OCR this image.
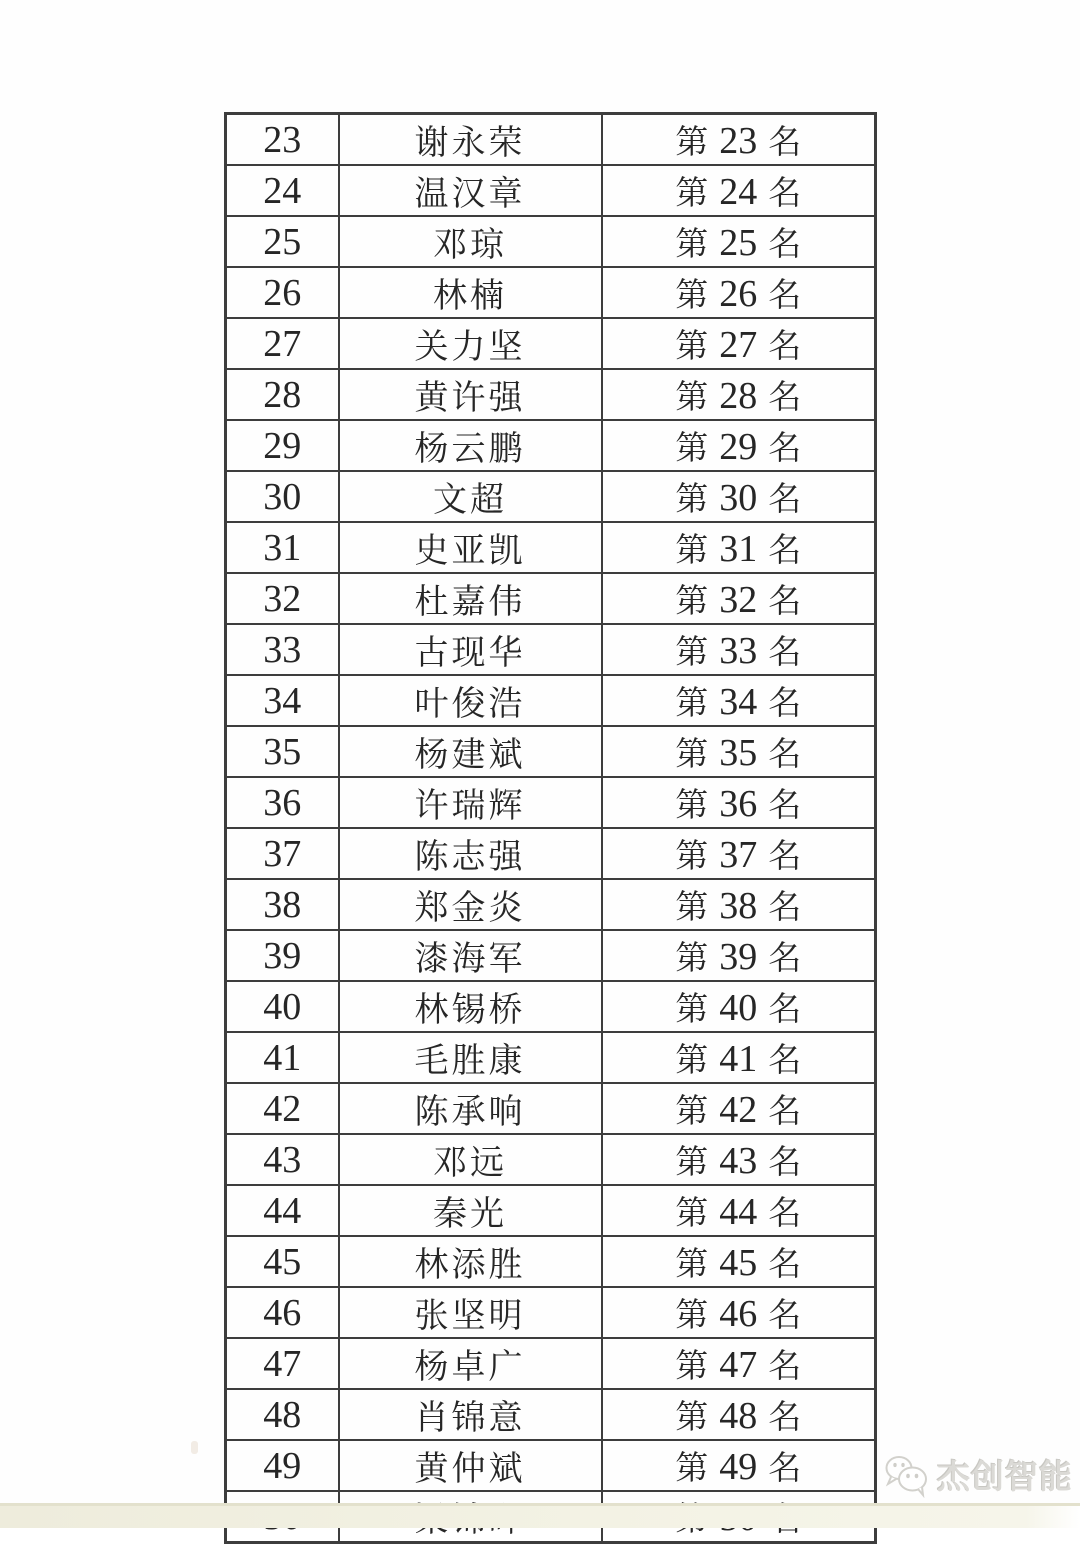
23	谢永荣	第 23 名
24	温汉章	第 24 名
25	邓琼	第 25 名
26	林楠	第 26 名
27	关力坚	第 27 名
28	黄许强	第 28 名
29	杨云鹏	第 29 名
30	文超	第 30 名
31	史亚凯	第 31 名
32	杜嘉伟	第 32 名
33	古现华	第 33 名
34	叶俊浩	第 34 名
35	杨建斌	第 35 名
36	许瑞辉	第 36 名
37	陈志强	第 37 名
38	郑金炎	第 38 名
39	漆海军	第 39 名
40	林锡桥	第 40 名
41	毛胜康	第 41 名
42	陈承响	第 42 名
43	邓远	第 43 名
44	秦光	第 44 名
45	林添胜	第 45 名
46	张坚明	第 46 名
47	杨卓广	第 47 名
48	肖锦意	第 48 名
49	黄仲斌	第 49 名
			杰创智能
